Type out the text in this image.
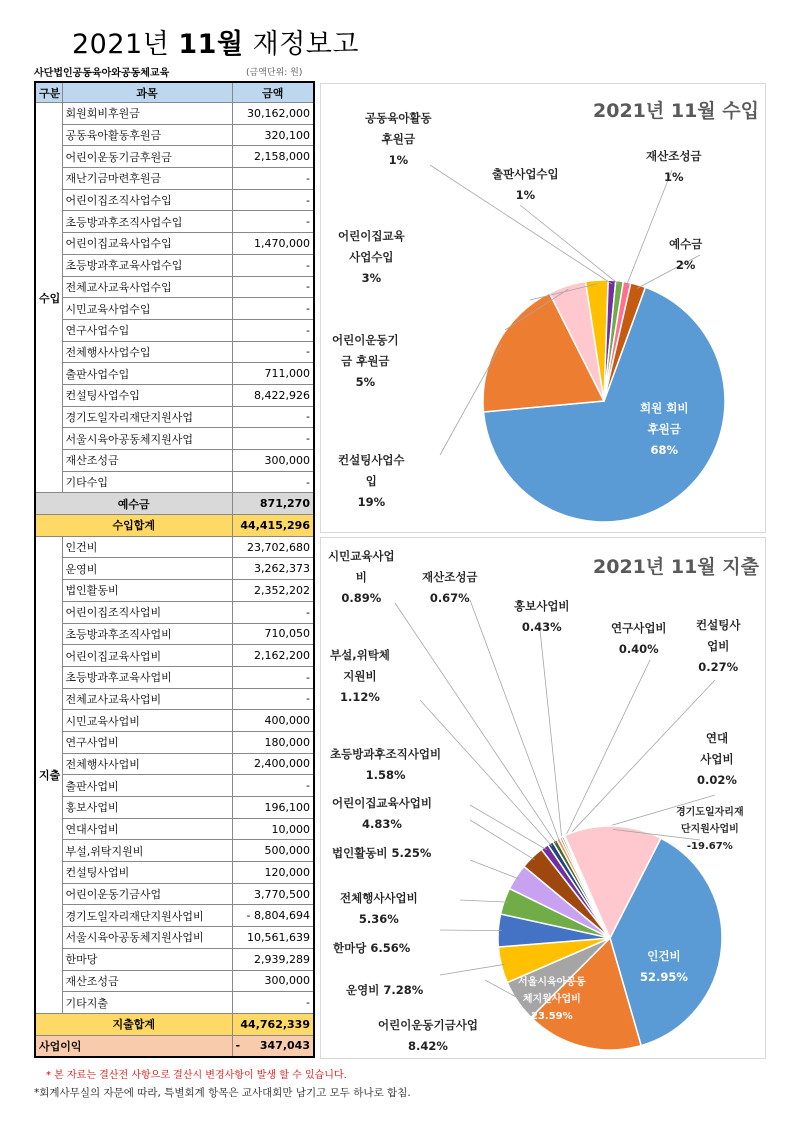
2021년 11월 재정보고
사단법인공동육아와공동체교육	(금액단위: 원)
구분	과목	금액
수입	회원회비후원금	30,162,000
	공동육아활동후원금	320,100
	어린이운동기금후원금	2,158,000
	재난기금마련후원금	-
	어린이집조직사업수입	-
	초등방과후조직사업수입	-
	어린이집교육사업수입	1,470,000
	초등방과후교육사업수입	-
	전체교사교육사업수입	-
	시민교육사업수입	-
	연구사업수입	-
	전체행사사업수입	-
	출판사업수입	711,000
	컨설팅사업수입	8,422,926
	경기도일자리재단지원사업	-
	서울시육아공동체지원사업	-
	재산조성금	300,000
	기타수입	-
예수금		871,270
수입합계		44,415,296
지출	인건비	23,702,680
	운영비	3,262,373
	법인활동비	2,352,202
	어린이집조직사업비	-
	초등방과후조직사업비	710,050
	어린이집교육사업비	2,162,200
	초등방과후교육사업비	-
	전체교사교육사업비	-
	시민교육사업비	400,000
	연구사업비	180,000
	전체행사사업비	2,400,000
	출판사업비	-
	홍보사업비	196,100
	연대사업비	10,000
	부설,위탁지원비	500,000
	컨설팅사업비	120,000
	어린이운동기금사업	3,770,500
	경기도일자리재단지원사업비	- 8,804,694
	서울시육아공동체지원사업비	10,561,639
	한마당	2,939,289
	재산조성금	300,000
	기타지출	-
지출합계		44,762,339
사업이익		- 347,043
2021년 11월 수입
2021년 11월 지출
회원 회비
후원금
68%
컨설팅사업수
입
19%
어린이운동기
금 후원금
5%
어린이집교육
사업수입
3%
공동육아활동
후원금
1%
출판사업수입
1%
재산조성금
1%
예수금
2%
인건비
52.95%
서울시육아공동
체지원사업비
23.59%
어린이운동기금사업
8.42%
운영비 7.28%
한마당 6.56%
전체행사사업비
5.36%
법인활동비 5.25%
어린이집교육사업비
4.83%
초등방과후조직사업비
1.58%
부설,위탁체
지원비
1.12%
시민교육사업
비
0.89%
재산조성금
0.67%
홍보사업비
0.43%	연구사업비
0.40%
컨설팅사
업비
0.27%
연대
사업비
0.02%
경기도일자리재
단지원사업비
-19.67%
* 본 자료는 결산전 사항으로 결산시 변경사항이 발생 할 수 있습니다.
*회계사무실의 자문에 따라, 특별회계 항목은 교사대회만 남기고 모두 하나로 합침.
